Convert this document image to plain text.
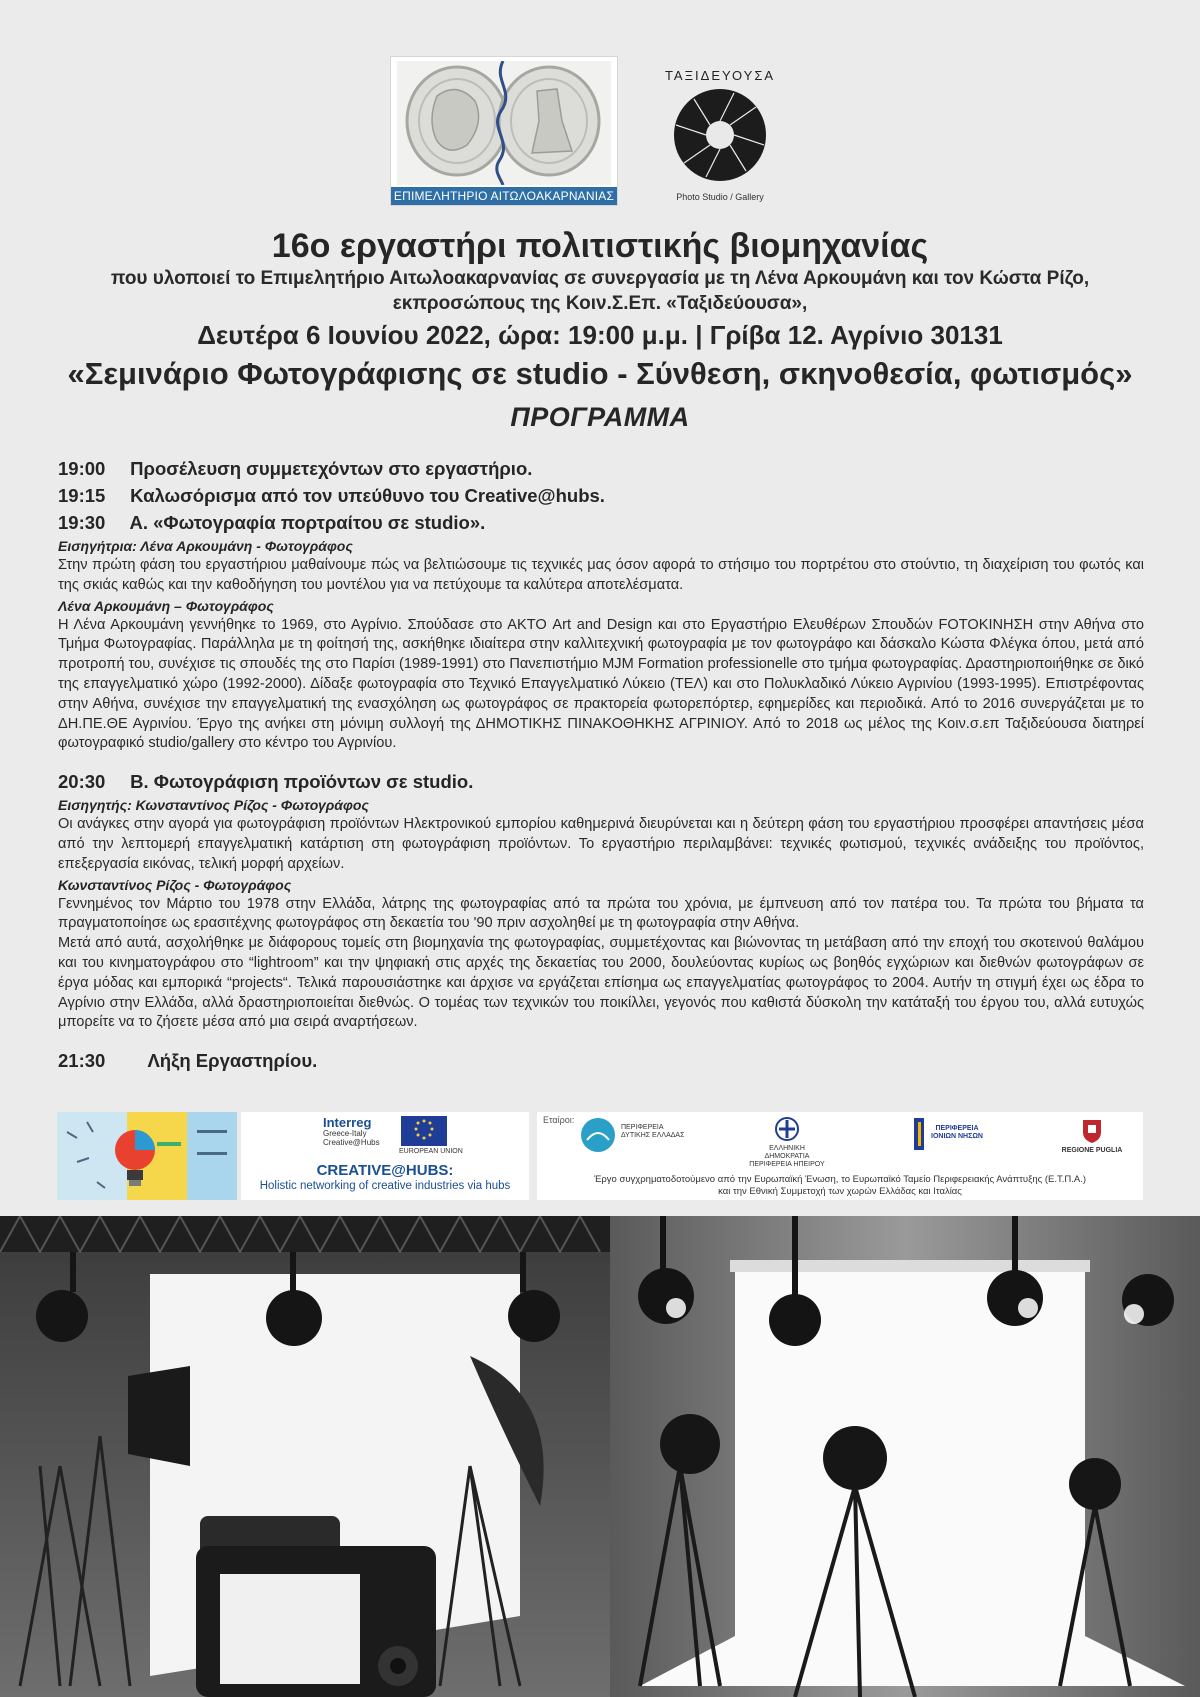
ΕΠΙΜΕΛΗΤΗΡΙΟ ΑΙΤΩΛΟΑΚΑΡΝΑΝΙΑΣ
ΤΑΞΙΔΕΥΟΥΣΑ
Photo Studio / Gallery
16ο εργαστήρι πολιτιστικής βιομηχανίας
που υλοποιεί το Επιμελητήριο Αιτωλοακαρνανίας σε συνεργασία με τη Λένα Αρκουμάνη και τον Κώστα Ρίζο,
εκπροσώπους της Κοιν.Σ.Επ. «Ταξιδεύουσα»,
Δευτέρα 6 Ιουνίου 2022, ώρα: 19:00 μ.μ. | Γρίβα 12. Αγρίνιο 30131
«Σεμινάριο Φωτογράφισης σε studio - Σύνθεση, σκηνοθεσία, φωτισμός»
ΠΡΟΓΡΑΜΜΑ
19:00 Προσέλευση συμμετεχόντων στο εργαστήριο.
19:15 Καλωσόρισμα από τον υπεύθυνο του Creative@hubs.
19:30 Α. «Φωτογραφία πορτραίτου σε studio».
Εισηγήτρια: Λένα Αρκουμάνη - Φωτογράφος
Στην πρώτη φάση του εργαστήριου μαθαίνουμε πώς να βελτιώσουμε τις τεχνικές μας όσον αφορά το στήσιμο του πορτρέτου στο στούντιο, τη διαχείριση του φωτός και της σκιάς καθώς και την καθοδήγηση του μοντέλου για να πετύχουμε τα καλύτερα αποτελέσματα.
Λένα Αρκουμάνη – Φωτογράφος
Η Λένα Αρκουμάνη γεννήθηκε το 1969, στο Αγρίνιο. Σπούδασε στο ΑΚΤΟ Art and Design και στο Εργαστήριο Ελευθέρων Σπουδών FOTOKINHΣΗ στην Αθήνα στο Τμήμα Φωτογραφίας. Παράλληλα με τη φοίτησή της, ασκήθηκε ιδιαίτερα στην καλλιτεχνική φωτογραφία με τον φωτογράφο και δάσκαλο Κώστα Φλέγκα όπου, μετά από προτροπή του, συνέχισε τις σπουδές της στο Παρίσι (1989-1991) στο Πανεπιστήμιο MJM Formation professionelle στο τμήμα φωτογραφίας. Δραστηριοποιήθηκε σε δικό της επαγγελματικό χώρο (1992-2000). Δίδαξε φωτογραφία στο Τεχνικό Επαγγελματικό Λύκειο (ΤΕΛ) και στο Πολυκλαδικό Λύκειο Αγρινίου (1993-1995). Επιστρέφοντας στην Αθήνα, συνέχισε την επαγγελματική της ενασχόληση ως φωτογράφος σε πρακτορεία φωτορεπόρτερ, εφημερίδες και περιοδικά. Από το 2016 συνεργάζεται με το ΔΗ.ΠΕ.ΘΕ Αγρινίου. Έργο της ανήκει στη μόνιμη συλλογή της ΔΗΜΟΤΙΚΗΣ ΠΙΝΑΚΟΘΗΚΗΣ ΑΓΡΙΝΙΟΥ. Από το 2018 ως μέλος της Κοιν.σ.επ Ταξιδεύουσα διατηρεί φωτογραφικό studio/gallery στο κέντρο του Αγρινίου.
20:30 Β. Φωτογράφιση προϊόντων σε studio.
Εισηγητής: Κωνσταντίνος Ρίζος - Φωτογράφος
Οι ανάγκες στην αγορά για φωτογράφιση προϊόντων Ηλεκτρονικού εμπορίου καθημερινά διευρύνεται και η δεύτερη φάση του εργαστήριου προσφέρει απαντήσεις μέσα από την λεπτομερή επαγγελματική κατάρτιση στη φωτογράφιση προϊόντων. Το εργαστήριο περιλαμβάνει: τεχνικές φωτισμού, τεχνικές ανάδειξης του προϊόντος, επεξεργασία εικόνας, τελική μορφή αρχείων.
Κωνσταντίνος Ρίζος - Φωτογράφος
Γεννημένος τον Μάρτιο του 1978 στην Ελλάδα, λάτρης της φωτογραφίας από τα πρώτα του χρόνια, με έμπνευση από τον πατέρα του. Τα πρώτα του βήματα τα πραγματοποίησε ως ερασιτέχνης φωτογράφος στη δεκαετία του '90 πριν ασχοληθεί με τη φωτογραφία στην Αθήνα.
Μετά από αυτά, ασχολήθηκε με διάφορους τομείς στη βιομηχανία της φωτογραφίας, συμμετέχοντας και βιώνοντας τη μετάβαση από την εποχή του σκοτεινού θαλάμου και του κινηματογράφου στο “lightroom” και την ψηφιακή στις αρχές της δεκαετίας του 2000, δουλεύοντας κυρίως ως βοηθός εγχώριων και διεθνών φωτογράφων σε έργα μόδας και εμπορικά “projects“. Τελικά παρουσιάστηκε και άρχισε να εργάζεται επίσημα ως επαγγελματίας φωτογράφος το 2004. Αυτήν τη στιγμή έχει ως έδρα το Αγρίνιο στην Ελλάδα, αλλά δραστηριοποιείται διεθνώς. Ο τομέας των τεχνικών του ποικίλλει, γεγονός που καθιστά δύσκολη την κατάταξή του έργου του, αλλά ευτυχώς μπορείτε να το ζήσετε μέσα από μια σειρά αναρτήσεων.
21:30 Λήξη Εργαστηρίου.
Interreg
Greece-Italy
Creative@Hubs
EUROPEAN UNION
CREATIVE@HUBS:
Holistic networking of creative industries via hubs
Εταίροι:
ΠΕΡΙΦΕΡΕΙΑ ΔΥΤΙΚΗΣ ΕΛΛΑΔΑΣ
ΕΛΛΗΝΙΚΗ ΔΗΜΟΚΡΑΤΙΑ ΠΕΡΙΦΕΡΕΙΑ ΗΠΕΙΡΟΥ
ΠΕΡΙΦΕΡΕΙΑ ΙΟΝΙΩΝ ΝΗΣΩΝ
REGIONE PUGLIA
Έργο συγχρηματοδοτούμενο από την Ευρωπαϊκή Ένωση, το Ευρωπαϊκό Ταμείο Περιφερειακής Ανάπτυξης (Ε.Τ.Π.Α.)
και την Εθνική Συμμετοχή των χωρών Ελλάδας και Ιταλίας
